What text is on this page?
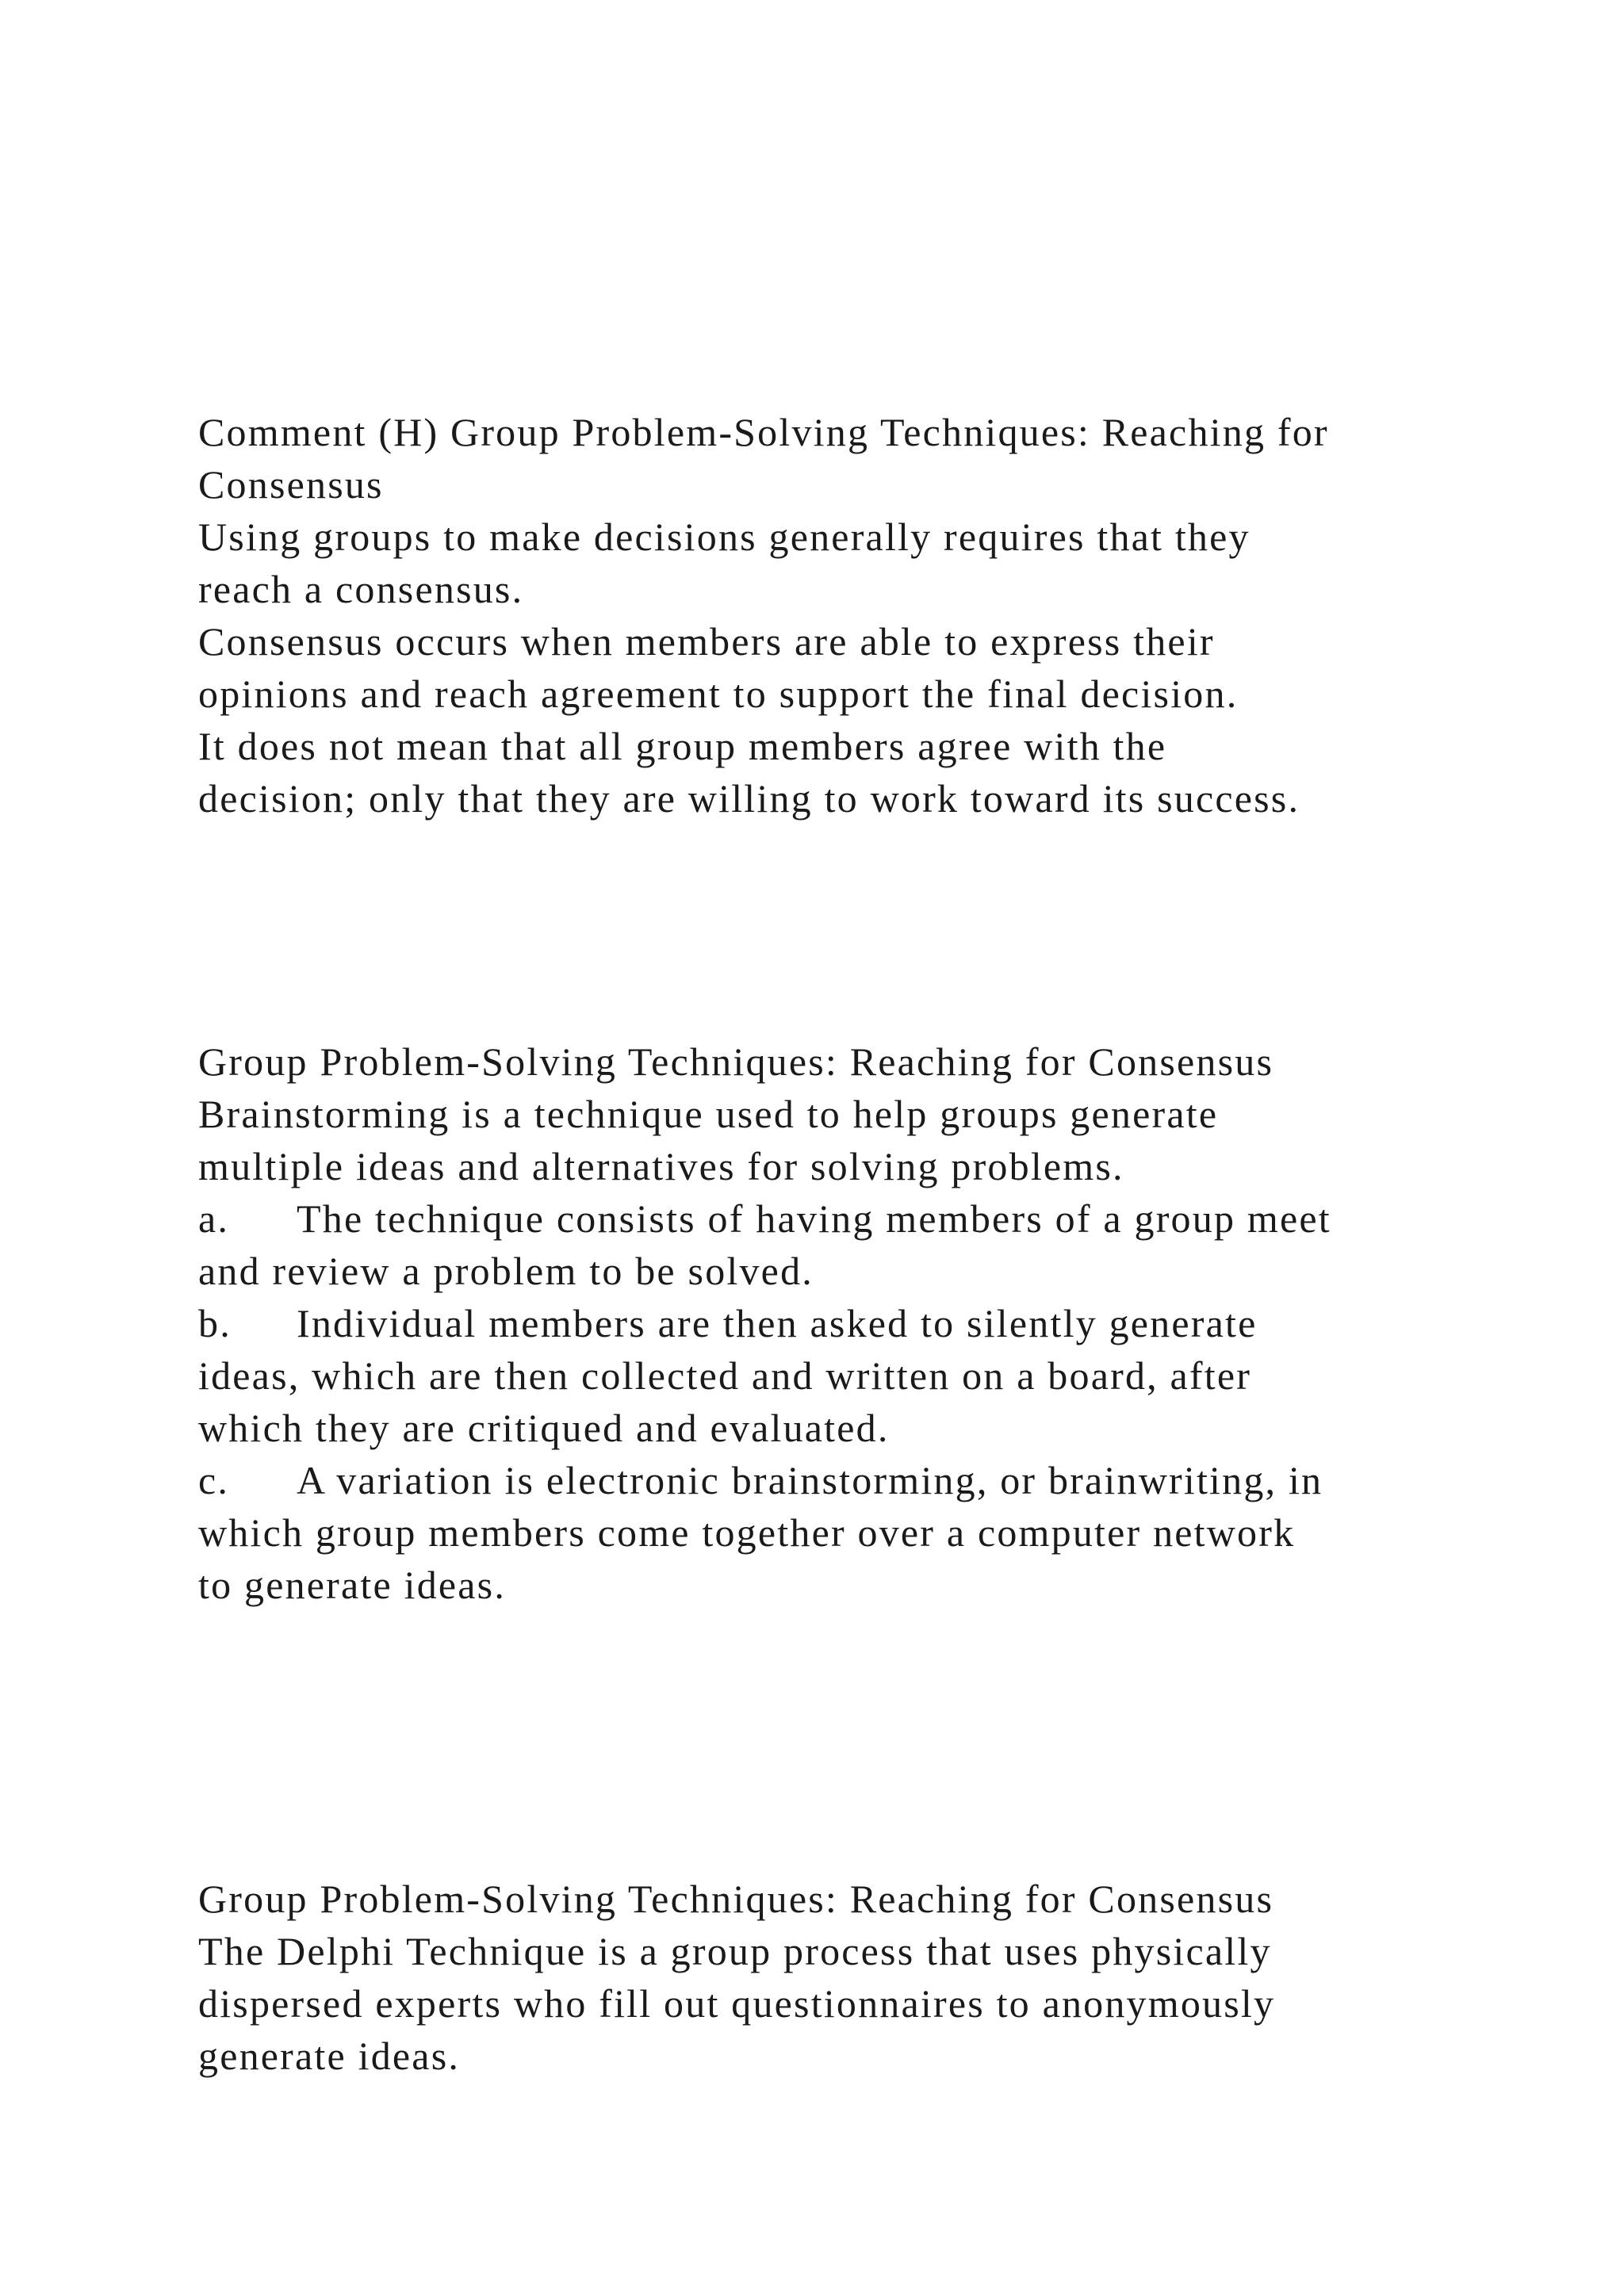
Comment (H) Group Problem-Solving Techniques: Reaching for
Consensus
Using groups to make decisions generally requires that they
reach a consensus.
Consensus occurs when members are able to express their
opinions and reach agreement to support the final decision.
It does not mean that all group members agree with the
decision; only that they are willing to work toward its success.
Group Problem-Solving Techniques: Reaching for Consensus
Brainstorming is a technique used to help groups generate
multiple ideas and alternatives for solving problems.
a. The technique consists of having members of a group meet
and review a problem to be solved.
b. Individual members are then asked to silently generate
ideas, which are then collected and written on a board, after
which they are critiqued and evaluated.
c. A variation is electronic brainstorming, or brainwriting, in
which group members come together over a computer network
to generate ideas.
Group Problem-Solving Techniques: Reaching for Consensus
The Delphi Technique is a group process that uses physically
dispersed experts who fill out questionnaires to anonymously
generate ideas.
